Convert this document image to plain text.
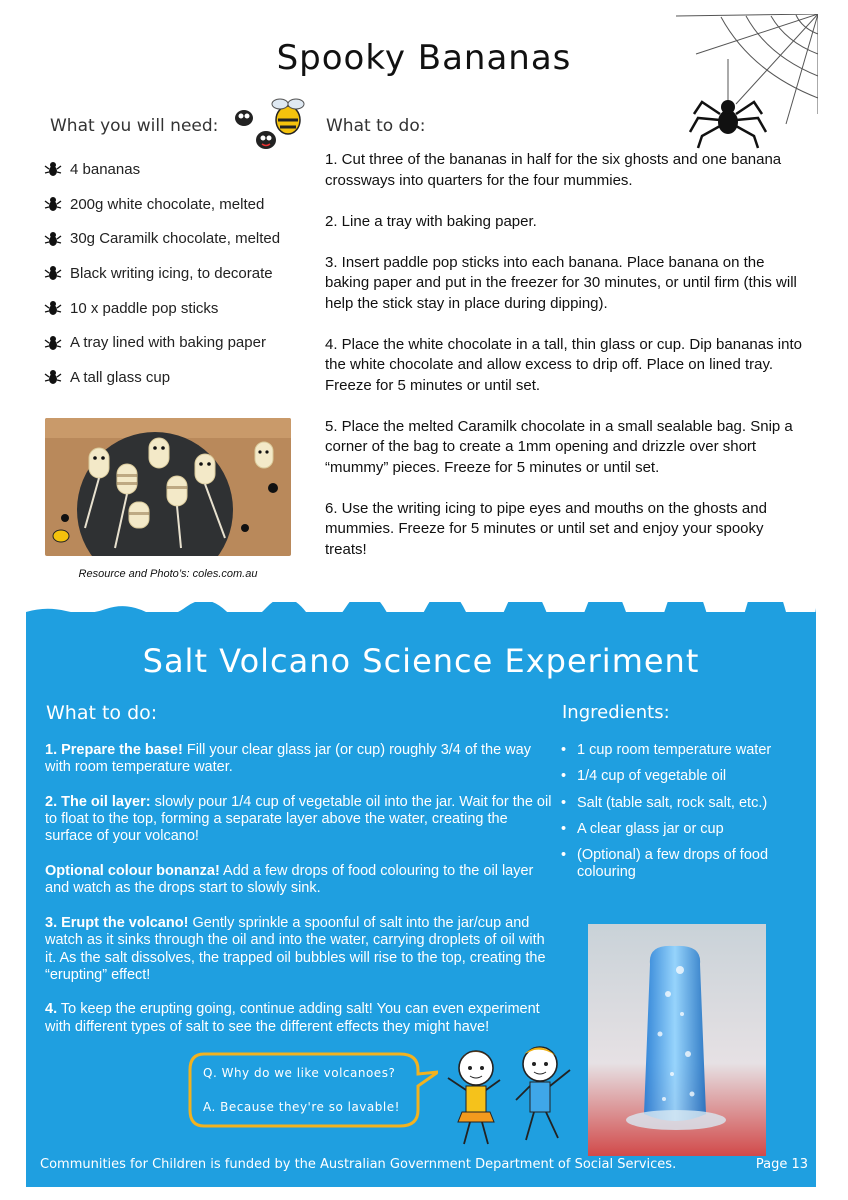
Spooky Bananas
What you will need:	What to do:
4 bananas
200g white chocolate, melted
30g Caramilk chocolate, melted
Black writing icing, to decorate
10 x paddle pop sticks
A tray lined with baking paper
A tall glass cup

1. Cut three of the bananas in half for the six ghosts and one banana crossways into quarters for the four mummies.

2. Line a tray with baking paper.

3. Insert paddle pop sticks into each banana. Place banana on the baking paper and put in the freezer for 30 minutes, or until firm (this will help the stick stay in place during dipping).

4. Place the white chocolate in a tall, thin glass or cup. Dip bananas into the white chocolate and allow excess to drip off. Place on lined tray. Freeze for 5 minutes or until set.

5. Place the melted Caramilk chocolate in a small sealable bag. Snip a corner of the bag to create a 1mm opening and drizzle over short “mummy” pieces. Freeze for 5 minutes or until set.

6. Use the writing icing to pipe eyes and mouths on the ghosts and mummies. Freeze for 5 minutes or until set and enjoy your spooky treats!

Resource and Photo’s: coles.com.au
Salt Volcano Science Experiment
What to do:	Ingredients:

1. Prepare the base! Fill your clear glass jar (or cup) roughly 3/4 of the way with room temperature water.

2. The oil layer: slowly pour 1/4 cup of vegetable oil into the jar. Wait for the oil to float to the top, forming a separate layer above the water, creating the surface of your volcano!

Optional colour bonanza! Add a few drops of food colouring to the oil layer and watch as the drops start to slowly sink.

3. Erupt the volcano! Gently sprinkle a spoonful of salt into the jar/cup and watch as it sinks through the oil and into the water, carrying droplets of oil with it. As the salt dissolves, the trapped oil bubbles will rise to the top, creating the “erupting” effect!

4. To keep the erupting going, continue adding salt! You can even experiment with different types of salt to see the different effects they might have!

• 1 cup room temperature water
• 1/4 cup of vegetable oil
• Salt (table salt, rock salt, etc.)
• A clear glass jar or cup
• (Optional) a few drops of food colouring
Q. Why do we like volcanoes?
A. Because they're so lavable!
Communities for Children is funded by the Australian Government Department of Social Services.	Page 13
